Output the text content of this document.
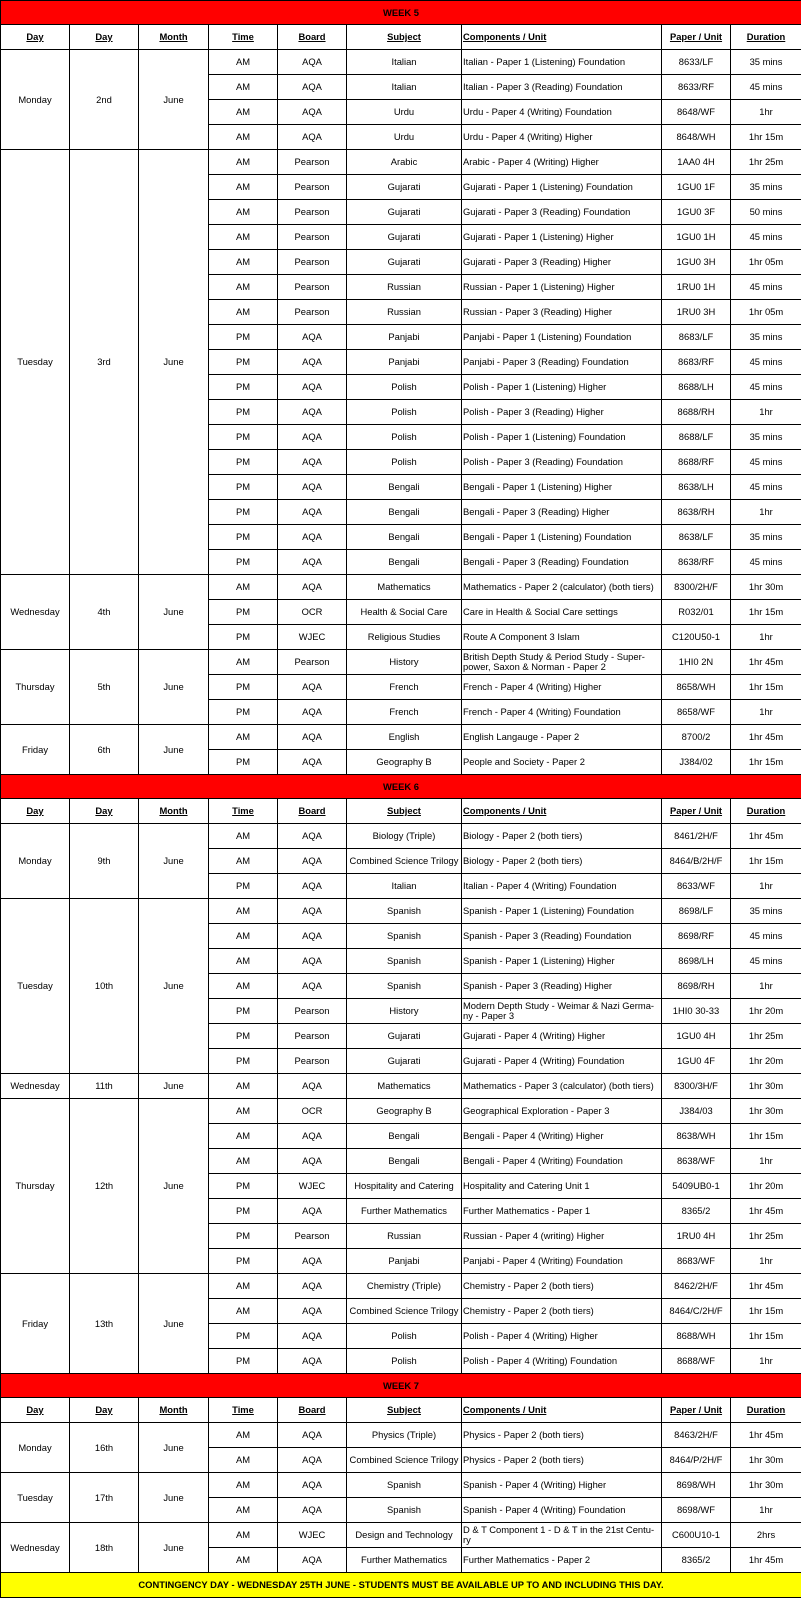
WEEK 5								
Day	Day	Month	Time	Board	Subject	Components / Unit	Paper / Unit	Duration
Monday	2nd	June	AM	AQA	Italian	Italian - Paper 1 (Listening) Foundation	8633/LF	35 mins
			AM	AQA	Italian	Italian - Paper 3 (Reading) Foundation	8633/RF	45 mins
			AM	AQA	Urdu	Urdu - Paper 4 (Writing) Foundation	8648/WF	1hr
			AM	AQA	Urdu	Urdu - Paper 4 (Writing) Higher	8648/WH	1hr 15m
Tuesday	3rd	June	AM	Pearson	Arabic	Arabic - Paper 4 (Writing) Higher	1AA0 4H	1hr 25m
			AM	Pearson	Gujarati	Gujarati - Paper 1 (Listening) Foundation	1GU0 1F	35 mins
			AM	Pearson	Gujarati	Gujarati - Paper 3 (Reading) Foundation	1GU0 3F	50 mins
			AM	Pearson	Gujarati	Gujarati - Paper 1 (Listening) Higher	1GU0 1H	45 mins
			AM	Pearson	Gujarati	Gujarati - Paper 3 (Reading) Higher	1GU0 3H	1hr 05m
			AM	Pearson	Russian	Russian - Paper 1 (Listening) Higher	1RU0 1H	45 mins
			AM	Pearson	Russian	Russian - Paper 3 (Reading) Higher	1RU0 3H	1hr 05m
			PM	AQA	Panjabi	Panjabi - Paper 1 (Listening) Foundation	8683/LF	35 mins
			PM	AQA	Panjabi	Panjabi - Paper 3 (Reading) Foundation	8683/RF	45 mins
			PM	AQA	Polish	Polish - Paper 1 (Listening) Higher	8688/LH	45 mins
			PM	AQA	Polish	Polish - Paper 3 (Reading) Higher	8688/RH	1hr
			PM	AQA	Polish	Polish - Paper 1 (Listening) Foundation	8688/LF	35 mins
			PM	AQA	Polish	Polish - Paper 3 (Reading) Foundation	8688/RF	45 mins
			PM	AQA	Bengali	Bengali - Paper 1 (Listening) Higher	8638/LH	45 mins
			PM	AQA	Bengali	Bengali - Paper 3 (Reading) Higher	8638/RH	1hr
			PM	AQA	Bengali	Bengali - Paper 1 (Listening) Foundation	8638/LF	35 mins
			PM	AQA	Bengali	Bengali - Paper 3 (Reading) Foundation	8638/RF	45 mins
Wednesday	4th	June	AM	AQA	Mathematics	Mathematics - Paper 2 (calculator) (both tiers)	8300/2H/F	1hr 30m
			PM	OCR	Health & Social Care	Care in Health & Social Care settings	R032/01	1hr 15m
			PM	WJEC	Religious Studies	Route A Component 3 Islam	C120U50-1	1hr
Thursday	5th	June	AM	Pearson	History	British Depth Study & Period Study - Super-power, Saxon & Norman - Paper 2	1HI0 2N	1hr 45m
			PM	AQA	French	French - Paper 4 (Writing) Higher	8658/WH	1hr 15m
			PM	AQA	French	French - Paper 4 (Writing) Foundation	8658/WF	1hr
Friday	6th	June	AM	AQA	English	English Langauge - Paper 2	8700/2	1hr 45m
			PM	AQA	Geography B	People and Society - Paper 2	J384/02	1hr 15m
WEEK 6								
Day	Day	Month	Time	Board	Subject	Components / Unit	Paper / Unit	Duration
Monday	9th	June	AM	AQA	Biology (Triple)	Biology - Paper 2 (both tiers)	8461/2H/F	1hr 45m
			AM	AQA	Combined Science Trilogy	Biology - Paper 2 (both tiers)	8464/B/2H/F	1hr 15m
			PM	AQA	Italian	Italian - Paper 4 (Writing) Foundation	8633/WF	1hr
Tuesday	10th	June	AM	AQA	Spanish	Spanish - Paper 1 (Listening) Foundation	8698/LF	35 mins
			AM	AQA	Spanish	Spanish - Paper 3 (Reading) Foundation	8698/RF	45 mins
			AM	AQA	Spanish	Spanish - Paper 1 (Listening) Higher	8698/LH	45 mins
			AM	AQA	Spanish	Spanish - Paper 3 (Reading) Higher	8698/RH	1hr
			PM	Pearson	History	Modern Depth Study - Weimar & Nazi Germa-ny - Paper 3	1HI0 30-33	1hr 20m
			PM	Pearson	Gujarati	Gujarati - Paper 4 (Writing) Higher	1GU0 4H	1hr 25m
			PM	Pearson	Gujarati	Gujarati - Paper 4 (Writing) Foundation	1GU0 4F	1hr 20m
Wednesday	11th	June	AM	AQA	Mathematics	Mathematics - Paper 3 (calculator) (both tiers)	8300/3H/F	1hr 30m
Thursday	12th	June	AM	OCR	Geography B	Geographical Exploration - Paper 3	J384/03	1hr 30m
			AM	AQA	Bengali	Bengali - Paper 4 (Writing) Higher	8638/WH	1hr 15m
			AM	AQA	Bengali	Bengali - Paper 4 (Writing) Foundation	8638/WF	1hr
			PM	WJEC	Hospitality and Catering	Hospitality and Catering Unit 1	5409UB0-1	1hr 20m
			PM	AQA	Further Mathematics	Further Mathematics - Paper 1	8365/2	1hr 45m
			PM	Pearson	Russian	Russian - Paper 4 (writing) Higher	1RU0 4H	1hr 25m
			PM	AQA	Panjabi	Panjabi - Paper 4 (Writing) Foundation	8683/WF	1hr
Friday	13th	June	AM	AQA	Chemistry (Triple)	Chemistry - Paper 2 (both tiers)	8462/2H/F	1hr 45m
			AM	AQA	Combined Science Trilogy	Chemistry - Paper 2 (both tiers)	8464/C/2H/F	1hr 15m
			PM	AQA	Polish	Polish - Paper 4 (Writing) Higher	8688/WH	1hr 15m
			PM	AQA	Polish	Polish - Paper 4 (Writing) Foundation	8688/WF	1hr
WEEK 7								
Day	Day	Month	Time	Board	Subject	Components / Unit	Paper / Unit	Duration
Monday	16th	June	AM	AQA	Physics (Triple)	Physics - Paper 2 (both tiers)	8463/2H/F	1hr 45m
			AM	AQA	Combined Science Trilogy	Physics - Paper 2 (both tiers)	8464/P/2H/F	1hr 30m
Tuesday	17th	June	AM	AQA	Spanish	Spanish - Paper 4 (Writing) Higher	8698/WH	1hr 30m
			AM	AQA	Spanish	Spanish - Paper 4 (Writing) Foundation	8698/WF	1hr
Wednesday	18th	June	AM	WJEC	Design and Technology	D & T Component 1 - D & T in the 21st Centu-ry	C600U10-1	2hrs
			AM	AQA	Further Mathematics	Further Mathematics - Paper 2	8365/2	1hr 45m
CONTINGENCY DAY - WEDNESDAY 25TH JUNE - STUDENTS MUST BE AVAILABLE UP TO AND INCLUDING THIS DAY.								
